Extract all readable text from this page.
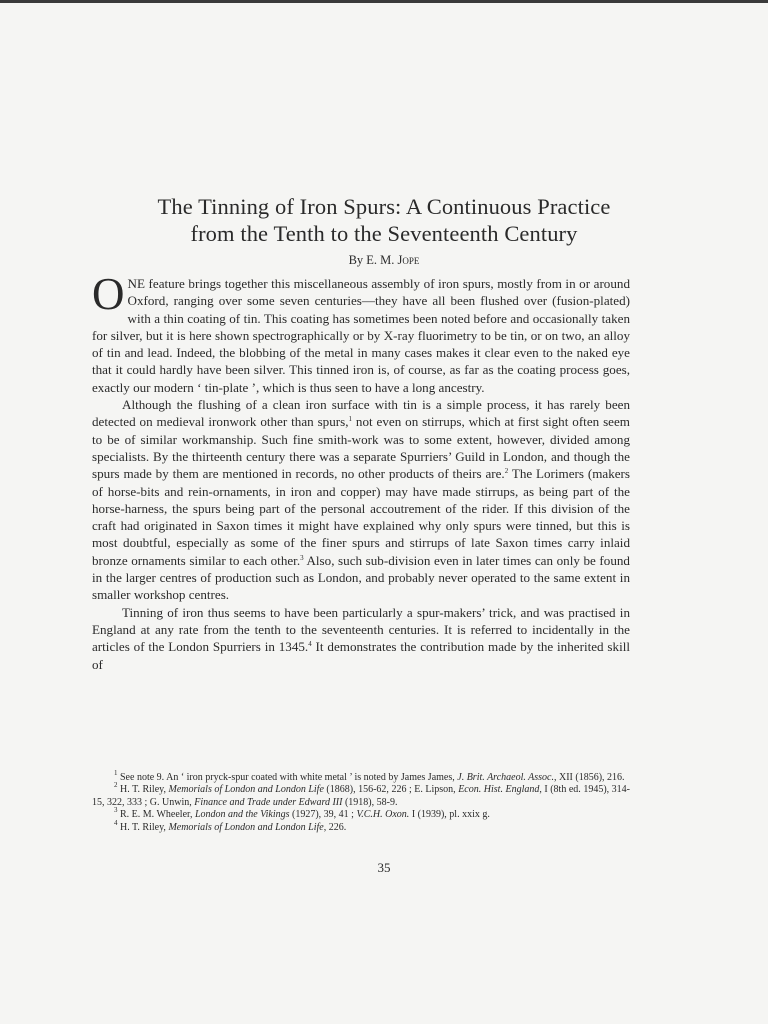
The Tinning of Iron Spurs: A Continuous Practice
from the Tenth to the Seventeenth Century

By E. M. Jope

ONE feature brings together this miscellaneous assembly of iron spurs, mostly from in or around Oxford, ranging over some seven centuries—they have all been flushed over (fusion-plated) with a thin coating of tin. This coating has sometimes been noted before and occasionally taken for silver, but it is here shown spectrographically or by X-ray fluorimetry to be tin, or on two, an alloy of tin and lead. Indeed, the blobbing of the metal in many cases makes it clear even to the naked eye that it could hardly have been silver. This tinned iron is, of course, as far as the coating process goes, exactly our modern ‘ tin-plate ’, which is thus seen to have a long ancestry.

Although the flushing of a clean iron surface with tin is a simple process, it has rarely been detected on medieval ironwork other than spurs,$^1$ not even on stirrups, which at first sight often seem to be of similar workmanship. Such fine smith-work was to some extent, however, divided among specialists. By the thirteenth century there was a separate Spurriers’ Guild in London, and though the spurs made by them are mentioned in records, no other products of theirs are.$^2$ The Lorimers (makers of horse-bits and rein-ornaments, in iron and copper) may have made stirrups, as being part of the horse-harness, the spurs being part of the personal accoutrement of the rider. If this division of the craft had originated in Saxon times it might have explained why only spurs were tinned, but this is most doubtful, especially as some of the finer spurs and stirrups of late Saxon times carry inlaid bronze ornaments similar to each other.$^3$ Also, such sub-division even in later times can only be found in the larger centres of production such as London, and probably never operated to the same extent in smaller workshop centres.

Tinning of iron thus seems to have been particularly a spur-makers’ trick, and was practised in England at any rate from the tenth to the seventeenth centuries. It is referred to incidentally in the articles of the London Spurriers in 1345.$^4$ It demonstrates the contribution made by the inherited skill of

$^1$ See note 9. An ‘ iron pryck-spur coated with white metal ’ is noted by James James, J. Brit. Archaeol. Assoc., XII (1856), 216.

$^2$ H. T. Riley, Memorials of London and London Life (1868), 156-62, 226 ; E. Lipson, Econ. Hist. England, I (8th ed. 1945), 314-15, 322, 333 ; G. Unwin, Finance and Trade under Edward III (1918), 58-9.

$^3$ R. E. M. Wheeler, London and the Vikings (1927), 39, 41 ; V.C.H. Oxon. I (1939), pl. xxix g.

$^4$ H. T. Riley, Memorials of London and London Life, 226.

35
